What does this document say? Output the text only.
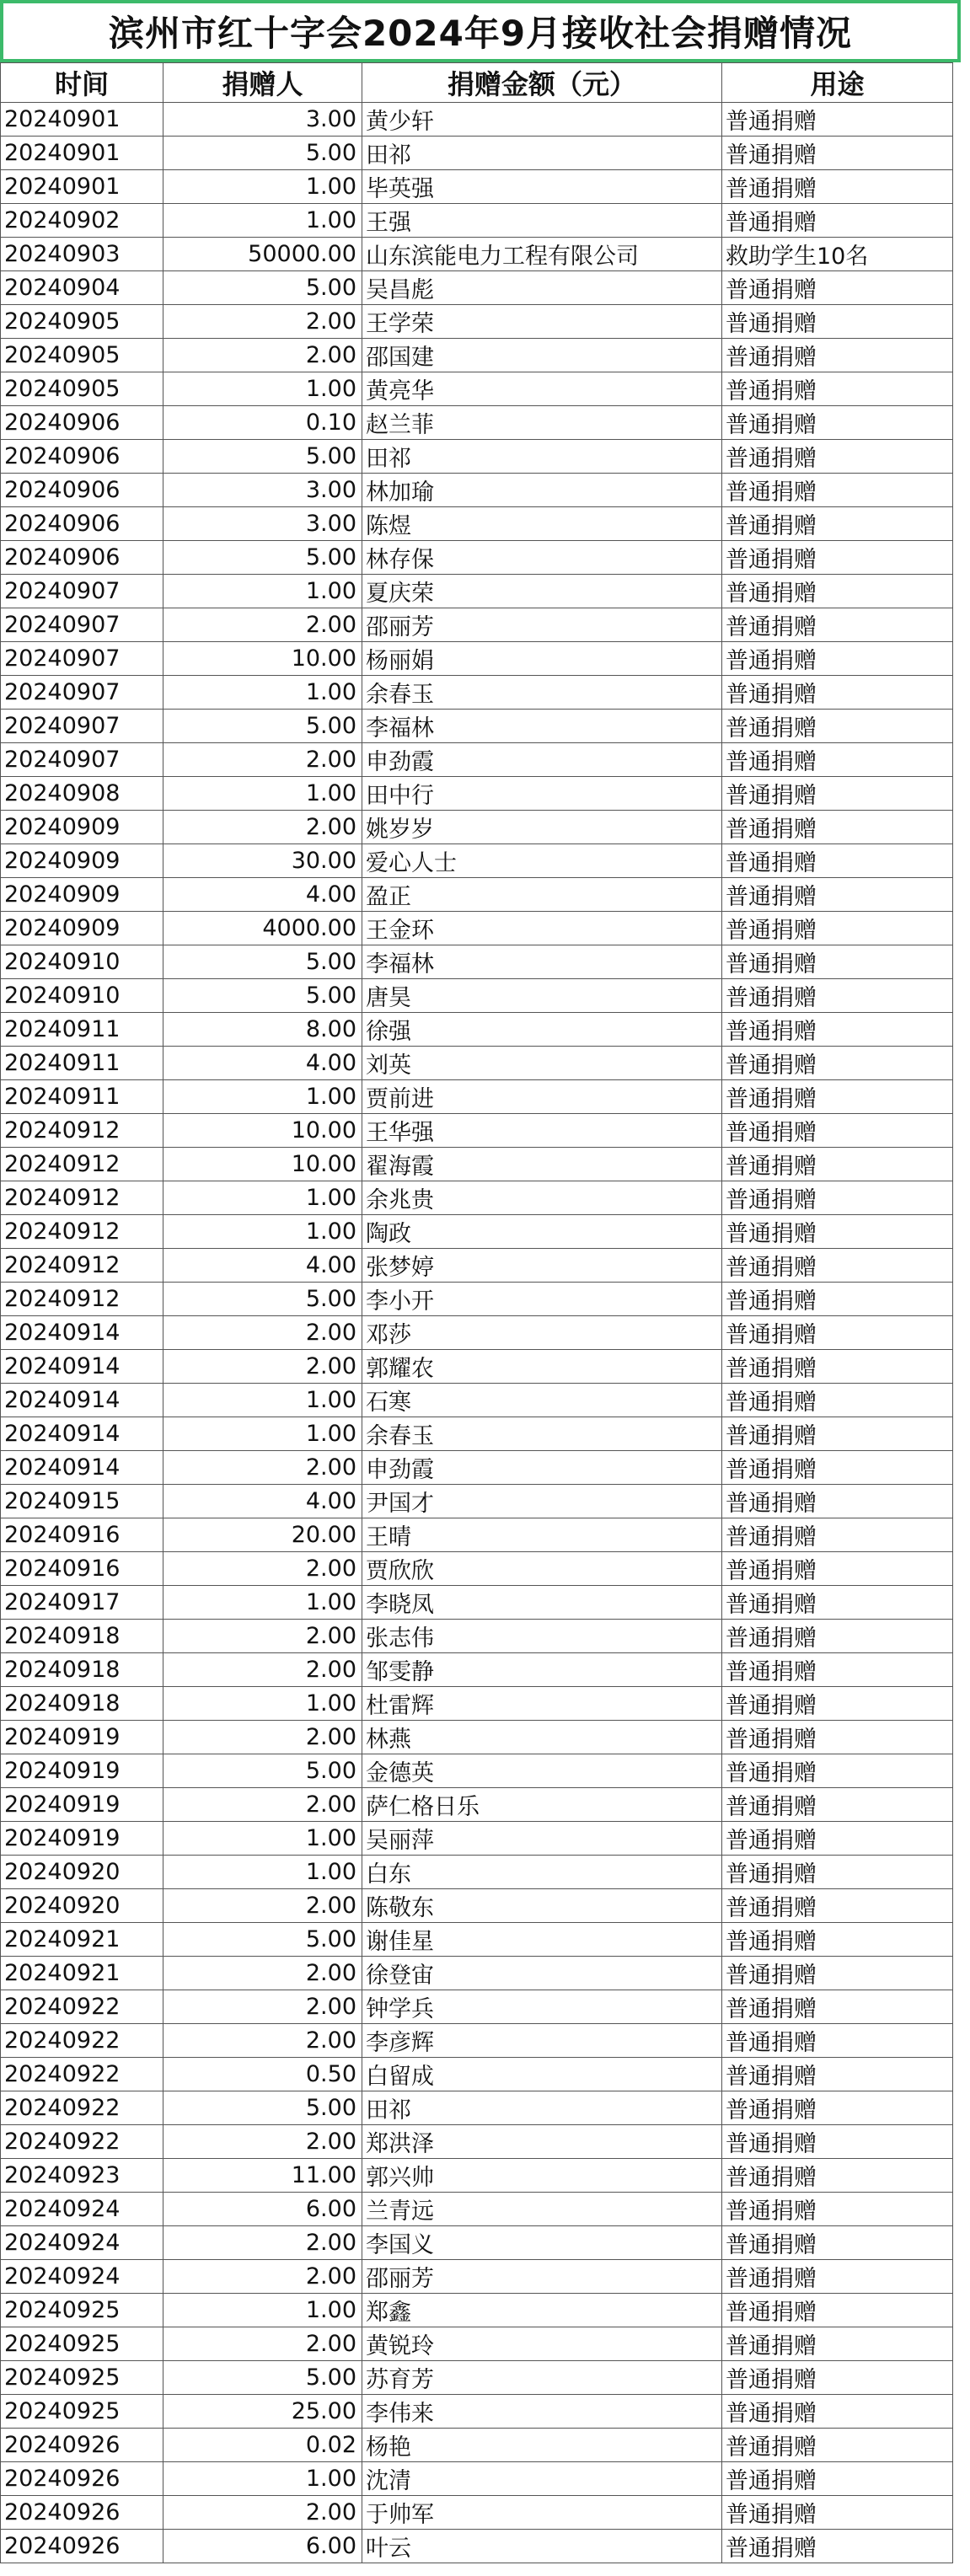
滨州市红十字会2024年9月接收社会捐赠情况
时间	捐赠人	捐赠金额（元）	用途
20240901	3.00	黄少轩	普通捐赠
20240901	5.00	田祁	普通捐赠
20240901	1.00	毕英强	普通捐赠
20240902	1.00	王强	普通捐赠
20240903	50000.00	山东滨能电力工程有限公司	救助学生10名
20240904	5.00	吴昌彪	普通捐赠
20240905	2.00	王学荣	普通捐赠
20240905	2.00	邵国建	普通捐赠
20240905	1.00	黄亮华	普通捐赠
20240906	0.10	赵兰菲	普通捐赠
20240906	5.00	田祁	普通捐赠
20240906	3.00	林加瑜	普通捐赠
20240906	3.00	陈煜	普通捐赠
20240906	5.00	林存保	普通捐赠
20240907	1.00	夏庆荣	普通捐赠
20240907	2.00	邵丽芳	普通捐赠
20240907	10.00	杨丽娟	普通捐赠
20240907	1.00	余春玉	普通捐赠
20240907	5.00	李福林	普通捐赠
20240907	2.00	申劲霞	普通捐赠
20240908	1.00	田中行	普通捐赠
20240909	2.00	姚岁岁	普通捐赠
20240909	30.00	爱心人士	普通捐赠
20240909	4.00	盈正	普通捐赠
20240909	4000.00	王金环	普通捐赠
20240910	5.00	李福林	普通捐赠
20240910	5.00	唐昊	普通捐赠
20240911	8.00	徐强	普通捐赠
20240911	4.00	刘英	普通捐赠
20240911	1.00	贾前进	普通捐赠
20240912	10.00	王华强	普通捐赠
20240912	10.00	翟海霞	普通捐赠
20240912	1.00	余兆贵	普通捐赠
20240912	1.00	陶政	普通捐赠
20240912	4.00	张梦婷	普通捐赠
20240912	5.00	李小开	普通捐赠
20240914	2.00	邓莎	普通捐赠
20240914	2.00	郭耀农	普通捐赠
20240914	1.00	石寒	普通捐赠
20240914	1.00	余春玉	普通捐赠
20240914	2.00	申劲霞	普通捐赠
20240915	4.00	尹国才	普通捐赠
20240916	20.00	王晴	普通捐赠
20240916	2.00	贾欣欣	普通捐赠
20240917	1.00	李晓凤	普通捐赠
20240918	2.00	张志伟	普通捐赠
20240918	2.00	邹雯静	普通捐赠
20240918	1.00	杜雷辉	普通捐赠
20240919	2.00	林燕	普通捐赠
20240919	5.00	金德英	普通捐赠
20240919	2.00	萨仁格日乐	普通捐赠
20240919	1.00	吴丽萍	普通捐赠
20240920	1.00	白东	普通捐赠
20240920	2.00	陈敬东	普通捐赠
20240921	5.00	谢佳星	普通捐赠
20240921	2.00	徐登宙	普通捐赠
20240922	2.00	钟学兵	普通捐赠
20240922	2.00	李彦辉	普通捐赠
20240922	0.50	白留成	普通捐赠
20240922	5.00	田祁	普通捐赠
20240922	2.00	郑洪泽	普通捐赠
20240923	11.00	郭兴帅	普通捐赠
20240924	6.00	兰青远	普通捐赠
20240924	2.00	李国义	普通捐赠
20240924	2.00	邵丽芳	普通捐赠
20240925	1.00	郑鑫	普通捐赠
20240925	2.00	黄锐玲	普通捐赠
20240925	5.00	苏育芳	普通捐赠
20240925	25.00	李伟来	普通捐赠
20240926	0.02	杨艳	普通捐赠
20240926	1.00	沈清	普通捐赠
20240926	2.00	于帅军	普通捐赠
20240926	6.00	叶云	普通捐赠
